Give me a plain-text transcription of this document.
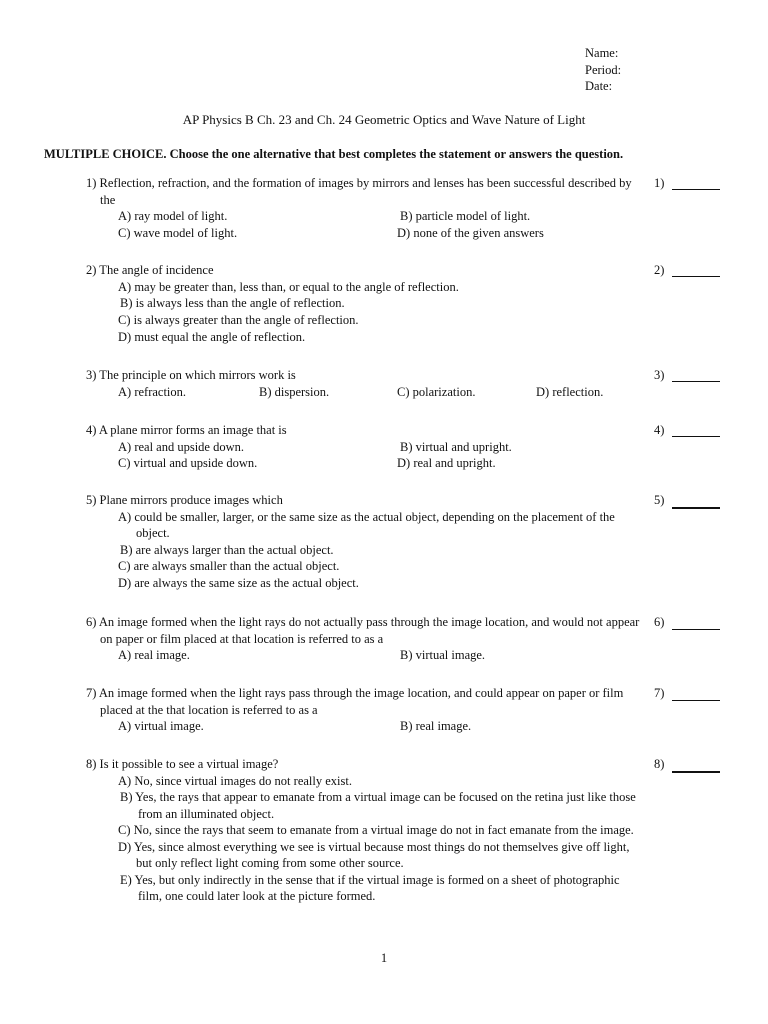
Name:
Period:
Date:
AP Physics B Ch. 23 and Ch. 24 Geometric Optics and Wave Nature of Light
MULTIPLE CHOICE. Choose the one alternative that best completes the statement or answers the question.
1) Reflection, refraction, and the formation of images by mirrors and lenses has been successful described by the
A) ray model of light.	B) particle model of light.
C) wave model of light.	D) none of the given answers
1)
2) The angle of incidence
A) may be greater than, less than, or equal to the angle of reflection.
B) is always less than the angle of reflection.
C) is always greater than the angle of reflection.
D) must equal the angle of reflection.
2)
3) The principle on which mirrors work is
A) refraction.	B) dispersion.	C) polarization.	D) reflection.
3)
4) A plane mirror forms an image that is
A) real and upside down.	B) virtual and upright.
C) virtual and upside down.	D) real and upright.
4)
5) Plane mirrors produce images which
A) could be smaller, larger, or the same size as the actual object, depending on the placement of the object.
B) are always larger than the actual object.
C) are always smaller than the actual object.
D) are always the same size as the actual object.
5)
6) An image formed when the light rays do not actually pass through the image location, and would not appear on paper or film placed at that location is referred to as a
A) real image.	B) virtual image.
6)
7) An image formed when the light rays pass through the image location, and could appear on paper or film placed at the that location is referred to as a
A) virtual image.	B) real image.
7)
8) Is it possible to see a virtual image?
A) No, since virtual images do not really exist.
B) Yes, the rays that appear to emanate from a virtual image can be focused on the retina just like those from an illuminated object.
C) No, since the rays that seem to emanate from a virtual image do not in fact emanate from the image.
D) Yes, since almost everything we see is virtual because most things do not themselves give off light, but only reflect light coming from some other source.
E) Yes, but only indirectly in the sense that if the virtual image is formed on a sheet of photographic film, one could later look at the picture formed.
8)
1
